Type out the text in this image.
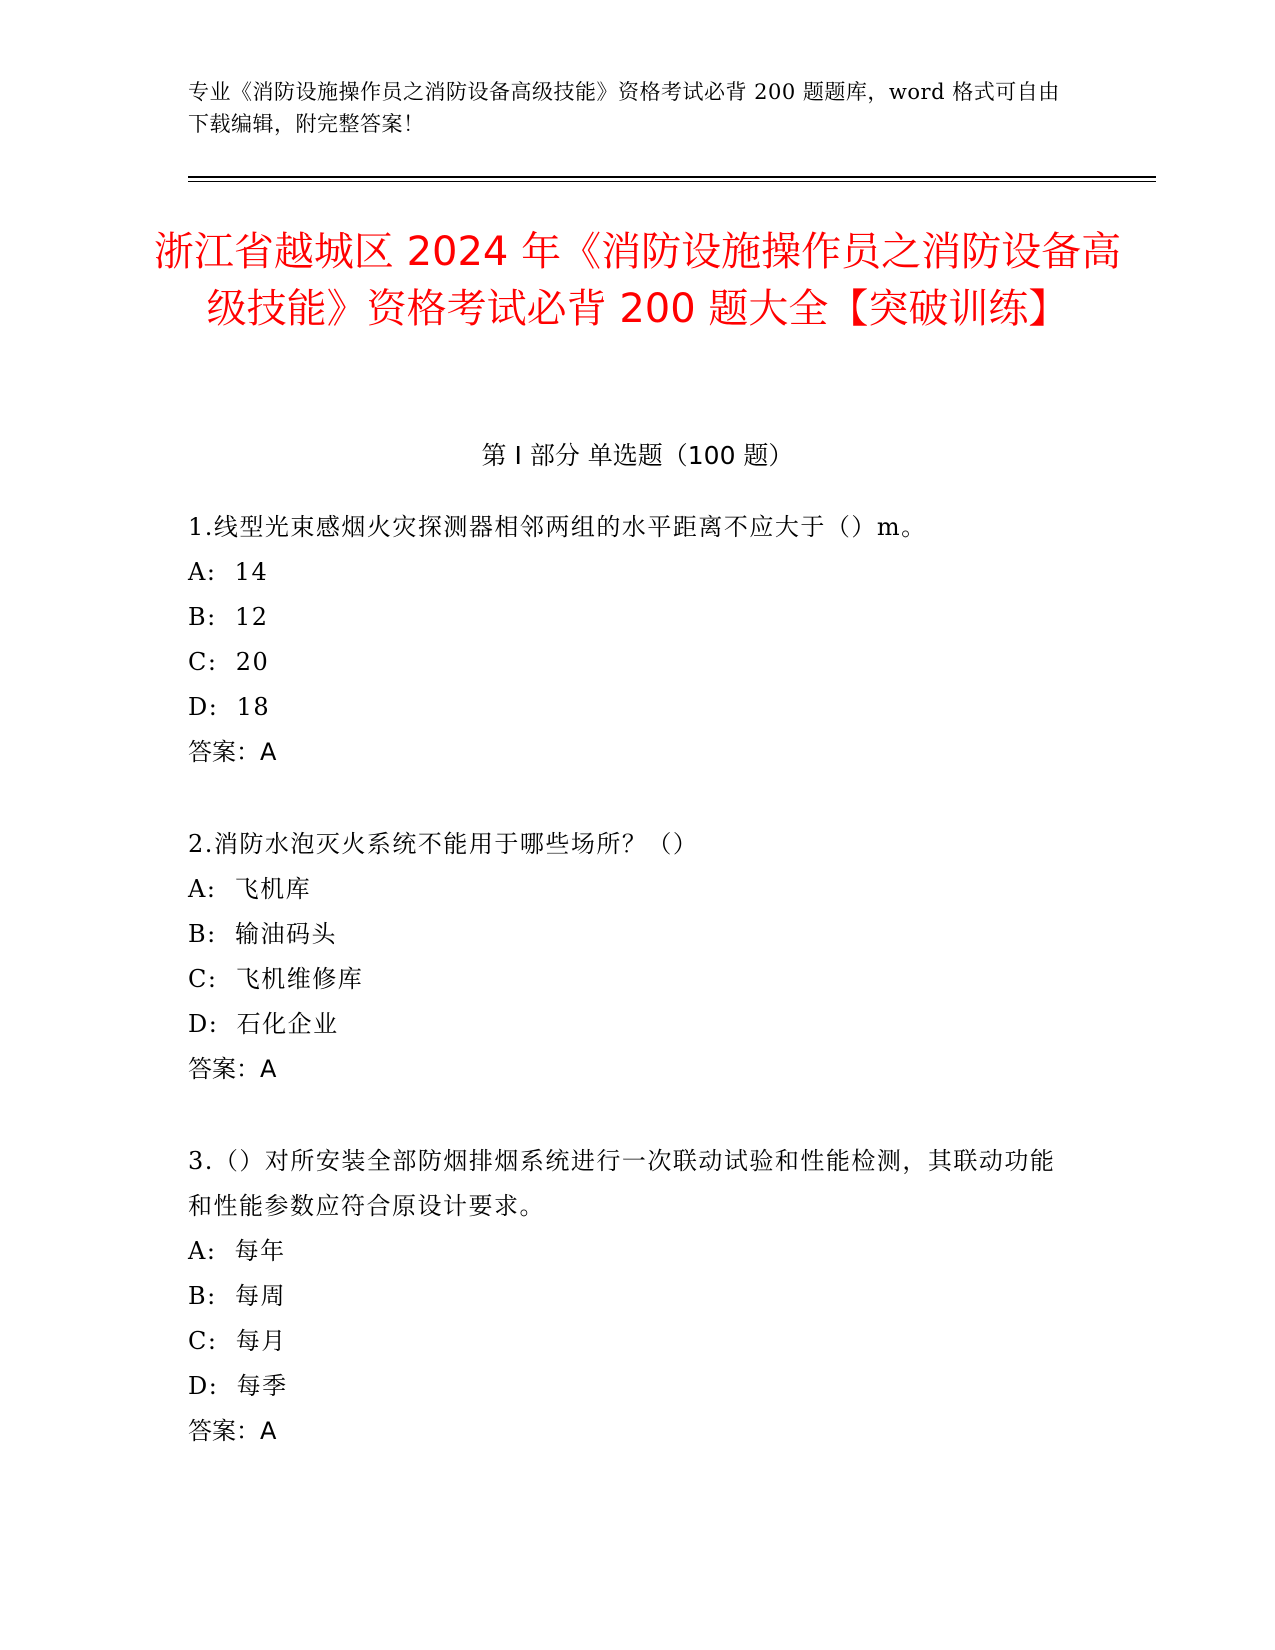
专业《消防设施操作员之消防设备高级技能》资格考试必背 200 题题库，word 格式可自由下载编辑，附完整答案！
浙江省越城区 2024 年《消防设施操作员之消防设备高级技能》资格考试必背 200 题大全【突破训练】
第 I 部分 单选题（100 题）

1.线型光束感烟火灾探测器相邻两组的水平距离不应大于（）m。

A:  14

B:  12

C:  20

D:  18

答案：A

2.消防水泡灭火系统不能用于哪些场所？（）

A:  飞机库

B:  输油码头

C:  飞机维修库

D:  石化企业

答案：A

3.（）对所安装全部防烟排烟系统进行一次联动试验和性能检测，其联动功能和性能参数应符合原设计要求。

A:  每年

B:  每周

C:  每月

D:  每季

答案：A
